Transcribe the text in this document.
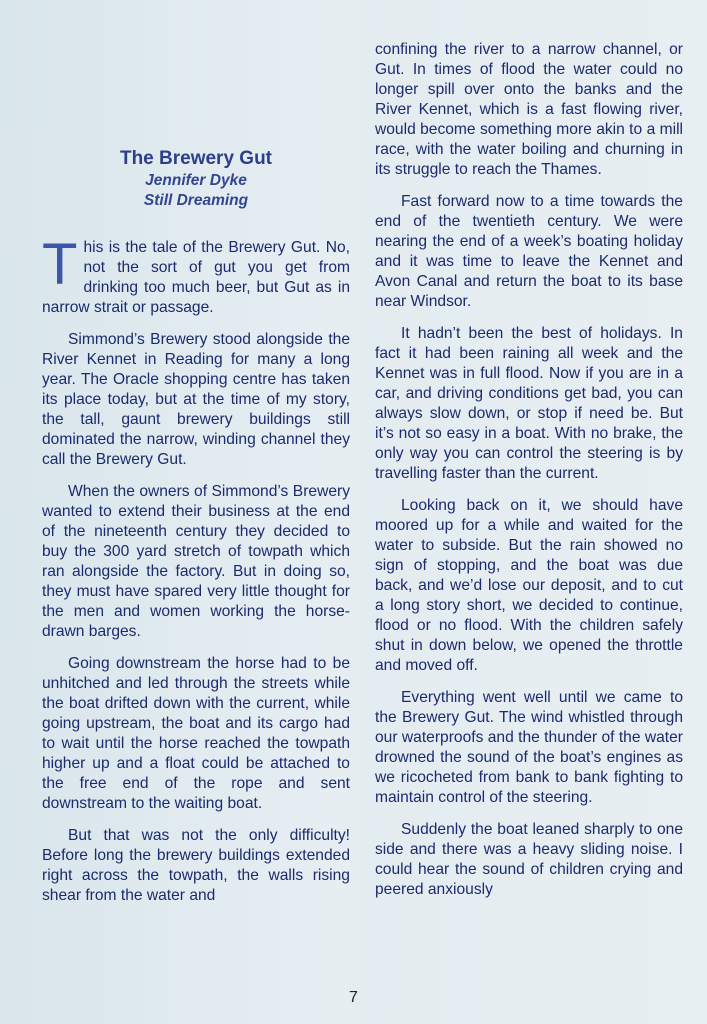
The Brewery Gut
Jennifer Dyke
Still Dreaming

This is the tale of the Brewery Gut. No, not the sort of gut you get from drinking too much beer, but Gut as in narrow strait or passage.

Simmond’s Brewery stood alongside the River Kennet in Reading for many a long year. The Oracle shopping centre has taken its place today, but at the time of my story, the tall, gaunt brewery buildings still dominated the narrow, winding channel they call the Brewery Gut.

When the owners of Simmond’s Brewery wanted to extend their business at the end of the nineteenth century they decided to buy the 300 yard stretch of towpath which ran alongside the factory. But in doing so, they must have spared very little thought for the men and women working the horse-drawn barges.

Going downstream the horse had to be unhitched and led through the streets while the boat drifted down with the current, while going upstream, the boat and its cargo had to wait until the horse reached the towpath higher up and a float could be attached to the free end of the rope and sent downstream to the waiting boat.

But that was not the only difficulty! Before long the brewery buildings extended right across the towpath, the walls rising shear from the water and

confining the river to a narrow channel, or Gut. In times of flood the water could no longer spill over onto the banks and the River Kennet, which is a fast flowing river, would become something more akin to a mill race, with the water boiling and churning in its struggle to reach the Thames.

Fast forward now to a time towards the end of the twentieth century. We were nearing the end of a week’s boating holiday and it was time to leave the Kennet and Avon Canal and return the boat to its base near Windsor.

It hadn’t been the best of holidays. In fact it had been raining all week and the Kennet was in full flood. Now if you are in a car, and driving conditions get bad, you can always slow down, or stop if need be. But it’s not so easy in a boat. With no brake, the only way you can control the steering is by travelling faster than the current.

Looking back on it, we should have moored up for a while and waited for the water to subside. But the rain showed no sign of stopping, and the boat was due back, and we’d lose our deposit, and to cut a long story short, we decided to continue, flood or no flood. With the children safely shut in down below, we opened the throttle and moved off.

Everything went well until we came to the Brewery Gut. The wind whistled through our waterproofs and the thunder of the water drowned the sound of the boat’s engines as we ricocheted from bank to bank fighting to maintain control of the steering.

Suddenly the boat leaned sharply to one side and there was a heavy sliding noise. I could hear the sound of children crying and peered anxiously

7
